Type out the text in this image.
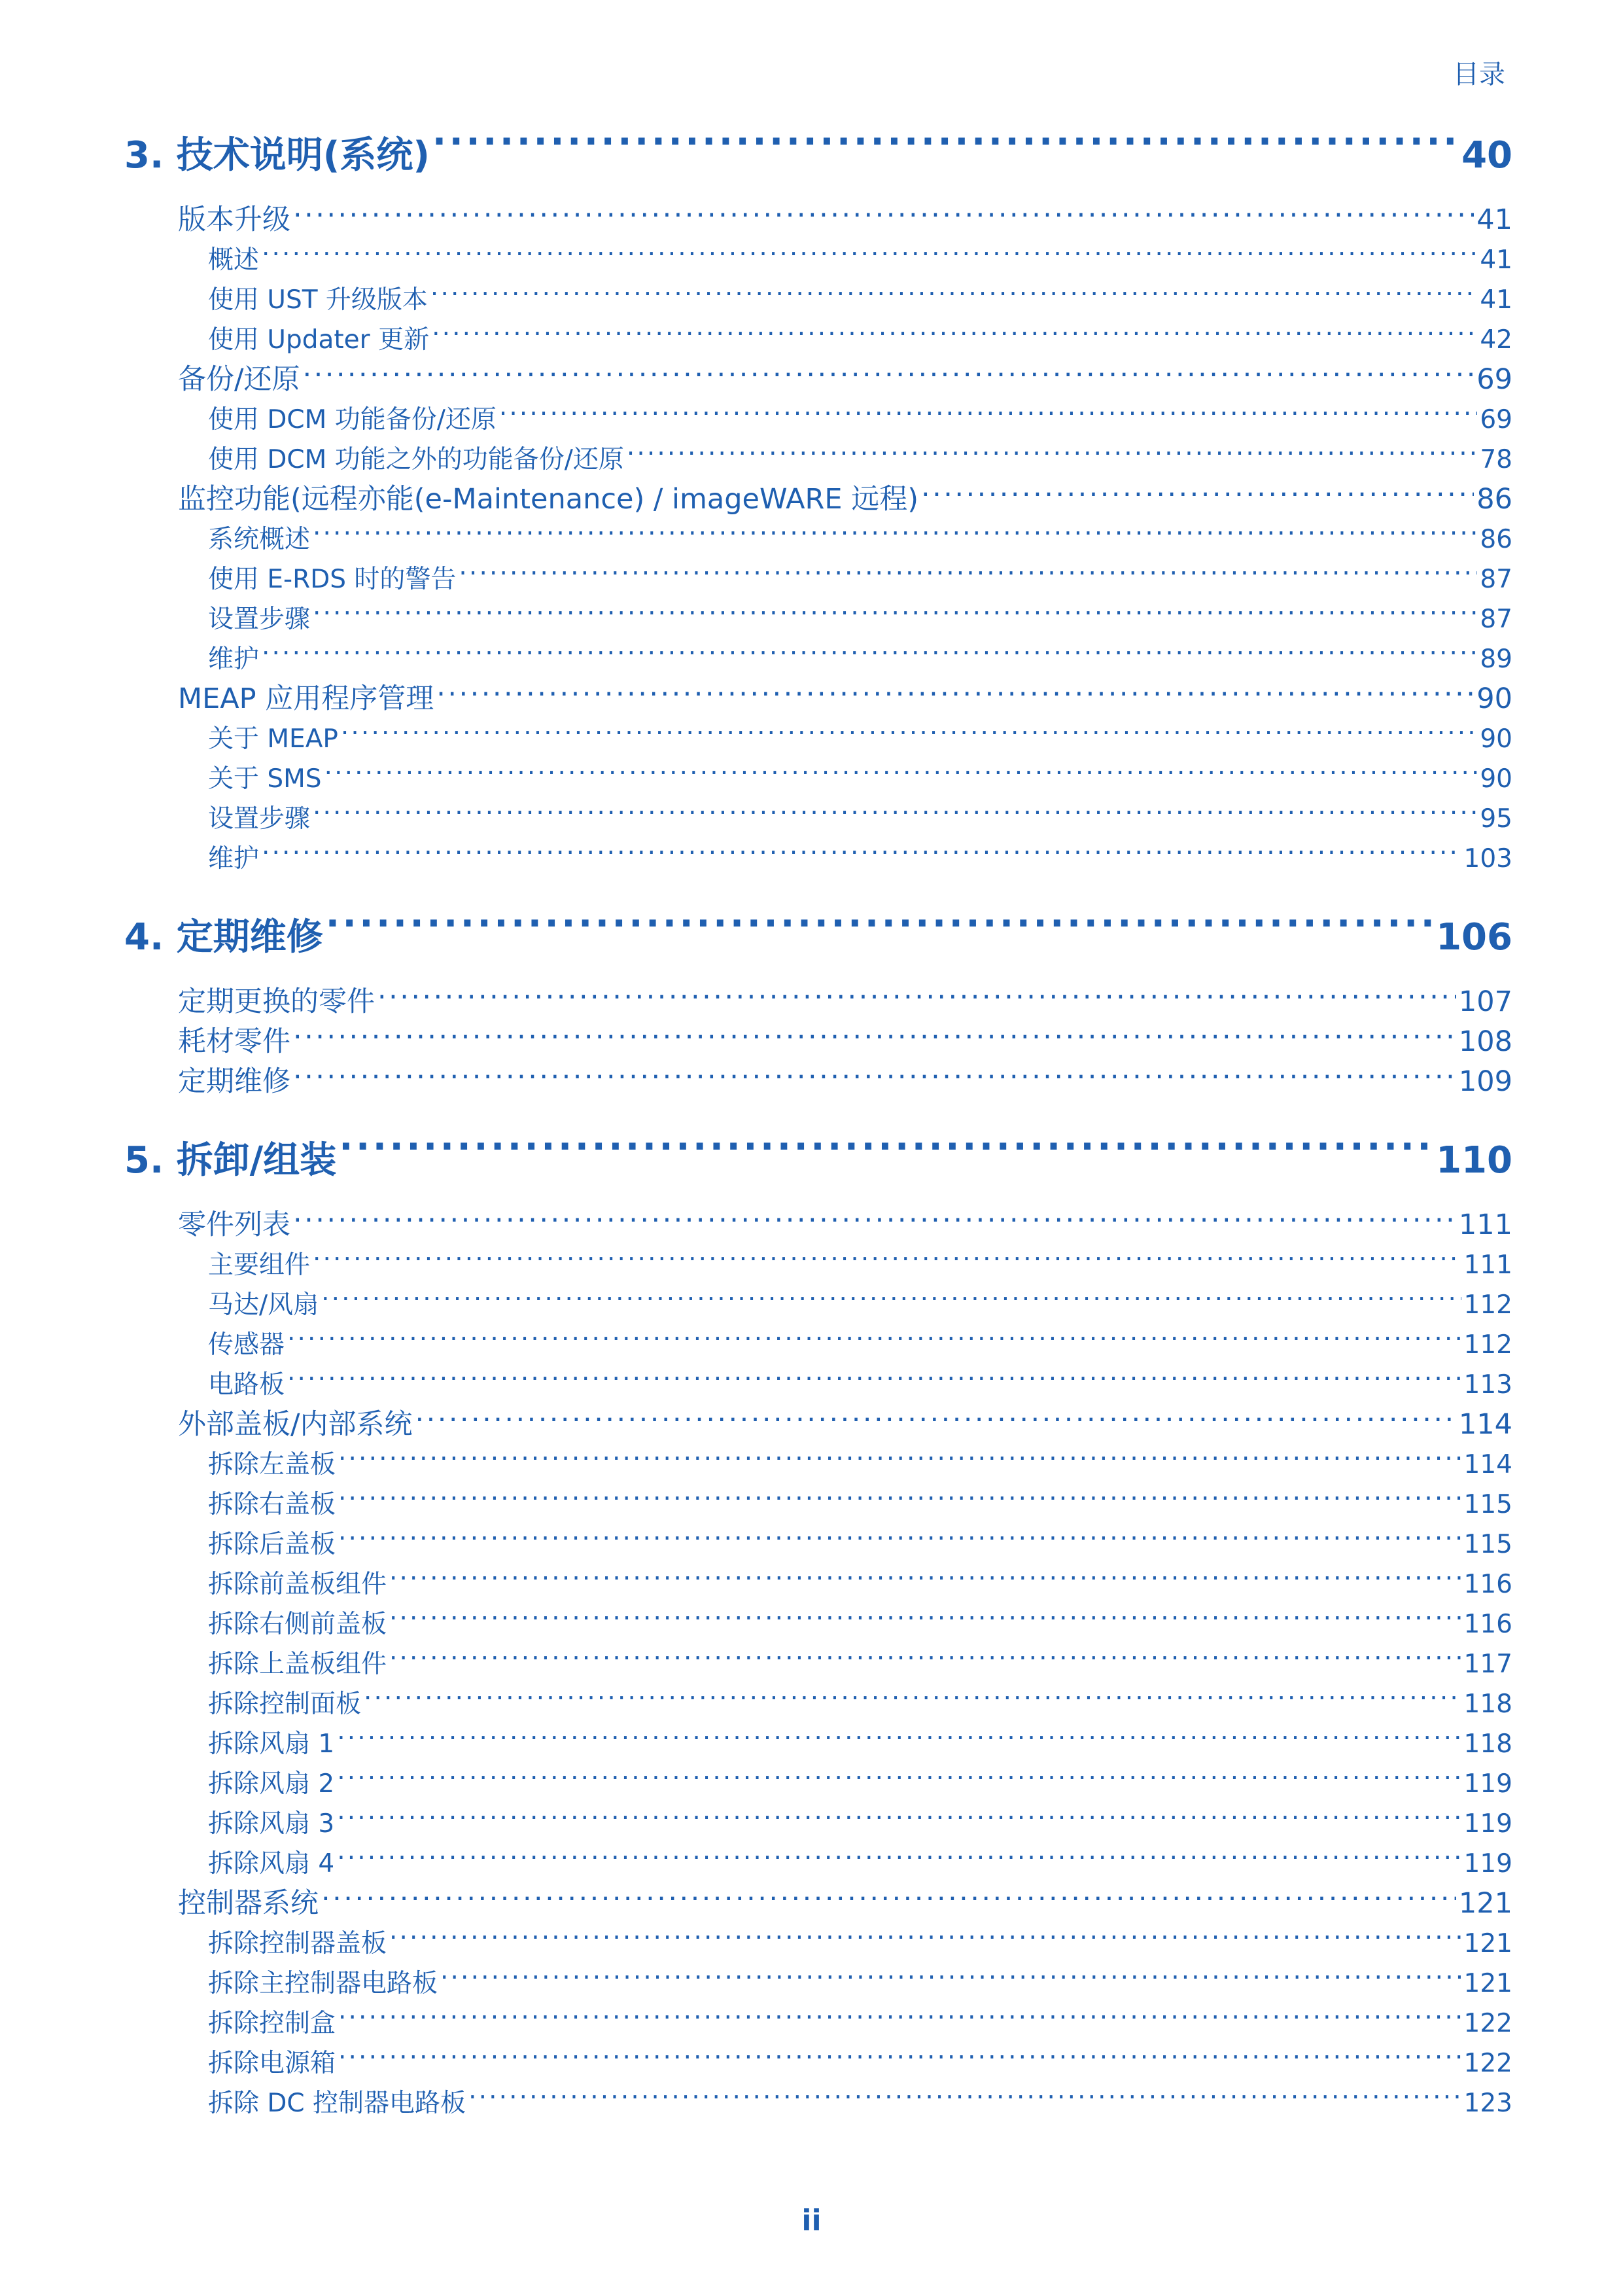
目录
3. 技术说明(系统) .....	40
版本升级 .....	41
概述 .....	41
使用 UST 升级版本 .....	41
使用 Updater 更新 .....	42
备份/还原 .....	69
使用 DCM 功能备份/还原 .....	69
使用 DCM 功能之外的功能备份/还原 .....	78
监控功能(远程亦能(e-Maintenance) / imageWARE 远程) .....	86
系统概述 .....	86
使用 E-RDS 时的警告 .....	87
设置步骤 .....	87
维护 .....	89
MEAP 应用程序管理 .....	90
关于 MEAP .....	90
关于 SMS .....	90
设置步骤 .....	95
维护 .....	103
4. 定期维修 .....	106
定期更换的零件 .....	107
耗材零件 .....	108
定期维修 .....	109
5. 拆卸/组装 .....	110
零件列表 .....	111
主要组件 .....	111
马达/风扇 .....	112
传感器 .....	112
电路板 .....	113
外部盖板/内部系统 .....	114
拆除左盖板 .....	114
拆除右盖板 .....	115
拆除后盖板 .....	115
拆除前盖板组件 .....	116
拆除右侧前盖板 .....	116
拆除上盖板组件 .....	117
拆除控制面板 .....	118
拆除风扇 1 .....	118
拆除风扇 2 .....	119
拆除风扇 3 .....	119
拆除风扇 4 .....	119
控制器系统 .....	121
拆除控制器盖板 .....	121
拆除主控制器电路板 .....	121
拆除控制盒 .....	122
拆除电源箱 .....	122
拆除 DC 控制器电路板 .....	123
ii
